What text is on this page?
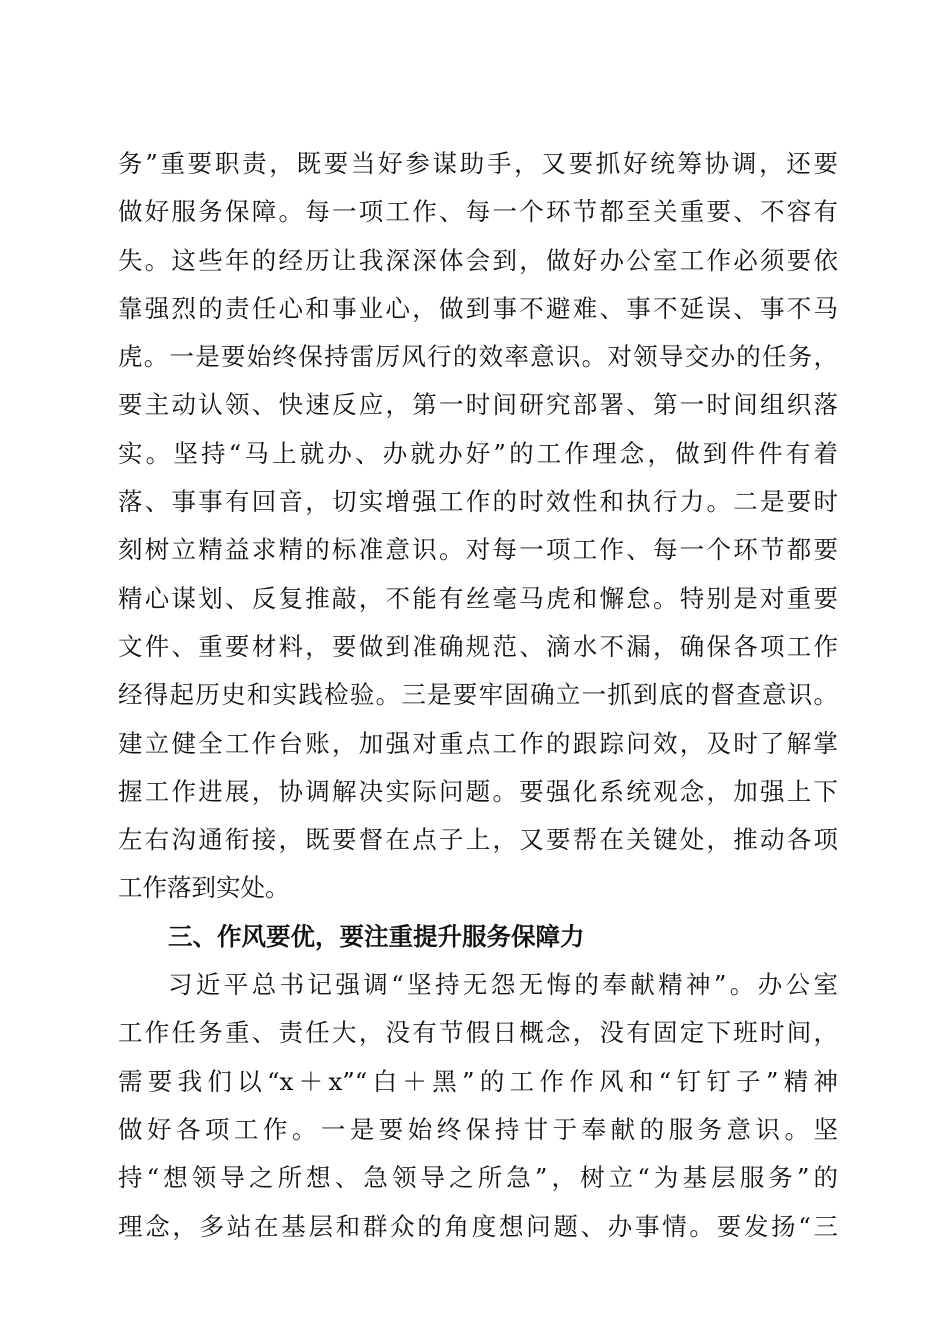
务”重要职责，既要当好参谋助手，又要抓好统筹协调，还要
做好服务保障。每一项工作、每一个环节都至关重要、不容有
失。这些年的经历让我深深体会到，做好办公室工作必须要依
靠强烈的责任心和事业心，做到事不避难、事不延误、事不马
虎。一是要始终保持雷厉风行的效率意识。对领导交办的任务，
要主动认领、快速反应，第一时间研究部署、第一时间组织落
实。坚持“马上就办、办就办好”的工作理念，做到件件有着
落、事事有回音，切实增强工作的时效性和执行力。二是要时
刻树立精益求精的标准意识。对每一项工作、每一个环节都要
精心谋划、反复推敲，不能有丝毫马虎和懈怠。特别是对重要
文件、重要材料，要做到准确规范、滴水不漏，确保各项工作
经得起历史和实践检验。三是要牢固确立一抓到底的督查意识。
建立健全工作台账，加强对重点工作的跟踪问效，及时了解掌
握工作进展，协调解决实际问题。要强化系统观念，加强上下
左右沟通衔接，既要督在点子上，又要帮在关键处，推动各项
工作落到实处。
三、作风要优，要注重提升服务保障力
习近平总书记强调“坚持无怨无悔的奉献精神”。办公室
工作任务重、责任大，没有节假日概念，没有固定下班时间，
需要我们以“x＋x”“白＋黑”的工作作风和“钉钉子”精神
做好各项工作。一是要始终保持甘于奉献的服务意识。坚
持“想领导之所想、急领导之所急”，树立“为基层服务”的
理念，多站在基层和群众的角度想问题、办事情。要发扬“三
